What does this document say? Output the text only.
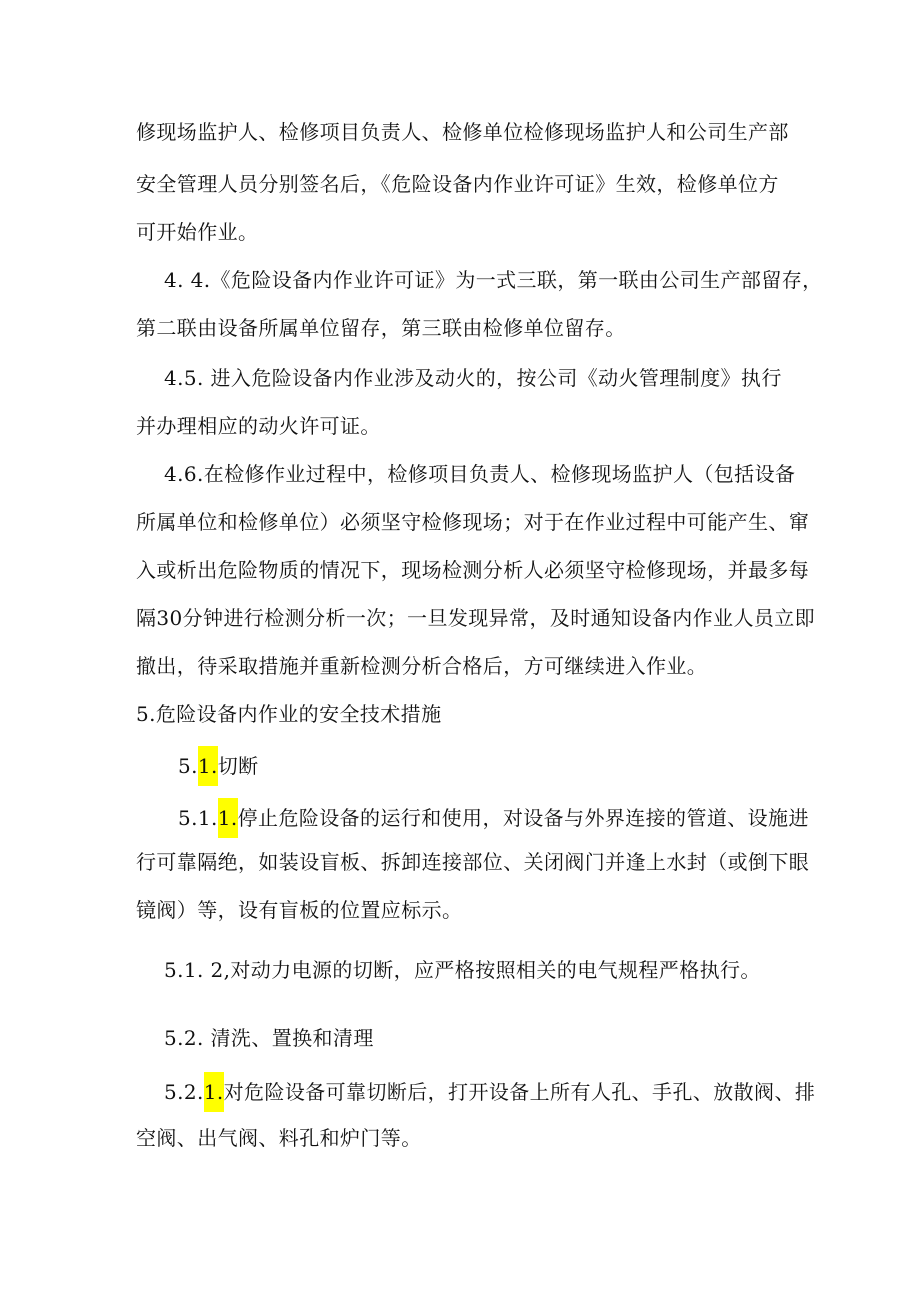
修现场监护人、检修项目负责人、检修单位检修现场监护人和公司生产部
安全管理人员分别签名后，《危险设备内作业许可证》生效，检修单位方
可开始作业。
4. 4.《危险设备内作业许可证》为一式三联，第一联由公司生产部留存，
第二联由设备所属单位留存，第三联由检修单位留存。
4.5. 进入危险设备内作业涉及动火的，按公司《动火管理制度》执行
并办理相应的动火许可证。
4.6.在检修作业过程中，检修项目负责人、检修现场监护人（包括设备
所属单位和检修单位）必须坚守检修现场；对于在作业过程中可能产生、窜
入或析出危险物质的情况下，现场检测分析人必须坚守检修现场，并最多每
隔30分钟进行检测分析一次；一旦发现异常，及时通知设备内作业人员立即
撤出，待采取措施并重新检测分析合格后，方可继续进入作业。
5.危险设备内作业的安全技术措施
5.1.切断
5.1.1.停止危险设备的运行和使用，对设备与外界连接的管道、设施进
行可靠隔绝，如装设盲板、拆卸连接部位、关闭阀门并逢上水封（或倒下眼
镜阀）等，设有盲板的位置应标示。
5.1. 2,对动力电源的切断，应严格按照相关的电气规程严格执行。
5.2. 清洗、置换和清理
5.2.1.对危险设备可靠切断后，打开设备上所有人孔、手孔、放散阀、排
空阀、出气阀、料孔和炉门等。
